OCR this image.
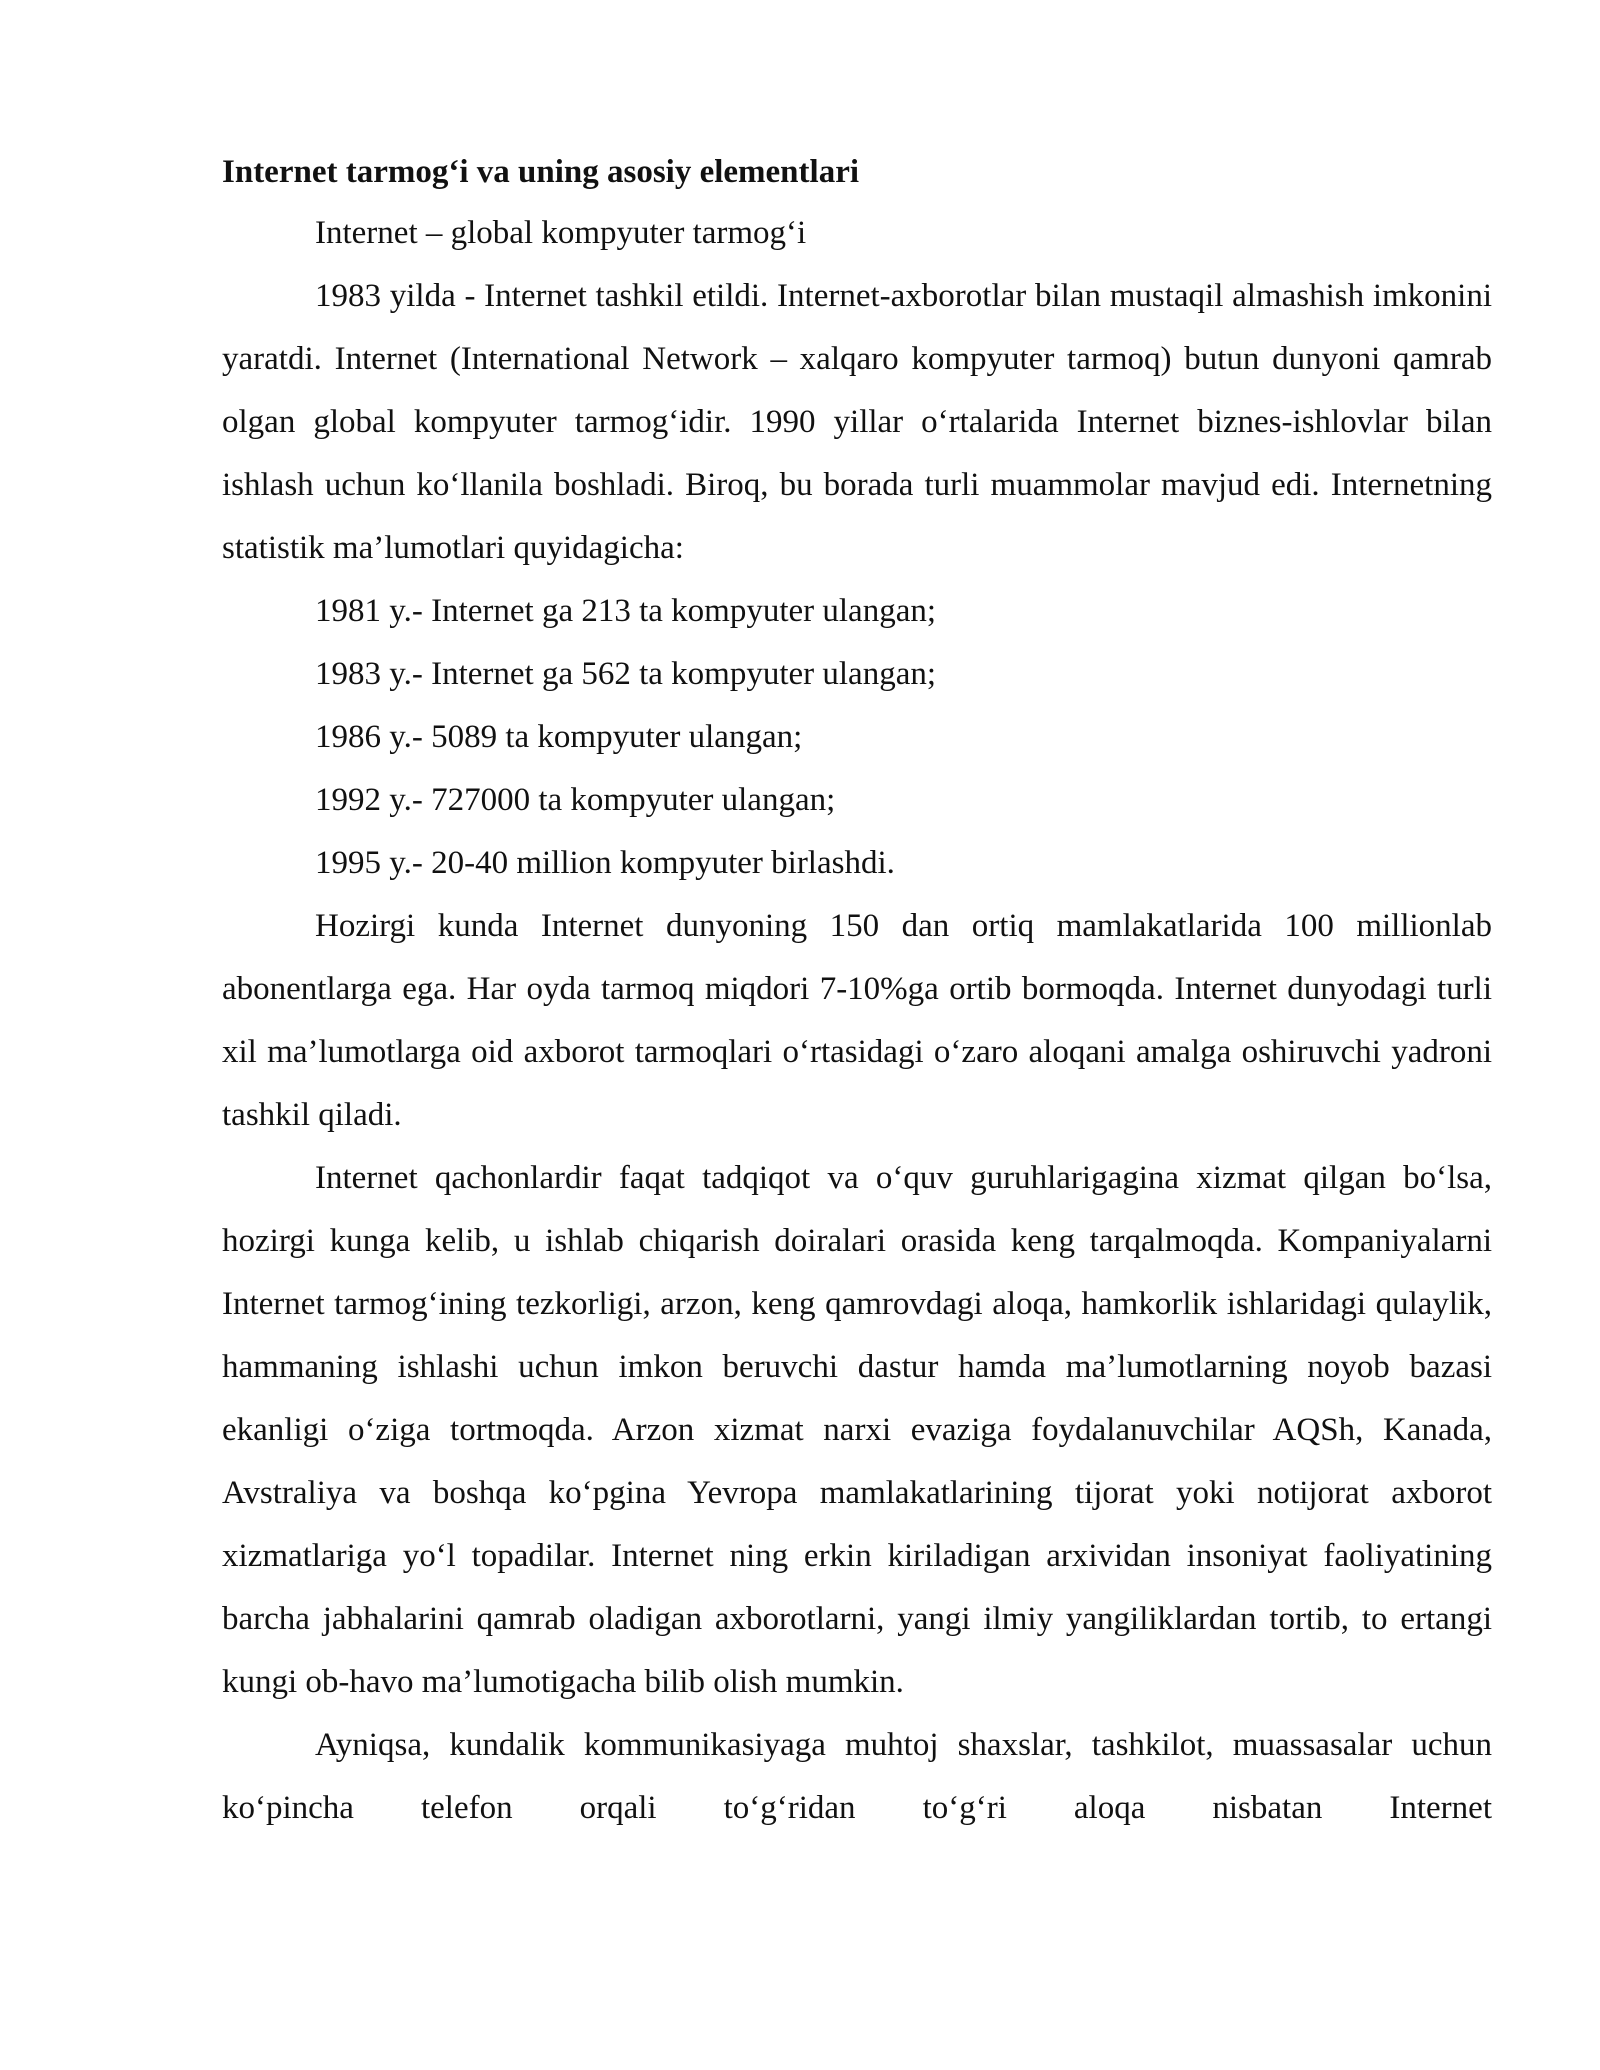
Internet tarmog‘i va uning asosiy elementlari

Internet – global kompyuter tarmog‘i

1983 yilda - Internet tashkil etildi. Internet-axborotlar bilan mustaqil almashish imkonini yaratdi. Internet (International Network – xalqaro kompyuter tarmoq) butun dunyoni qamrab olgan global kompyuter tarmog‘idir. 1990 yillar o‘rtalarida Internet biznes-ishlovlar bilan ishlash uchun ko‘llanila boshladi. Biroq, bu borada turli muammolar mavjud edi. Internetning statistik ma’lumotlari quyidagicha:

1981 y.- Internet ga 213 ta kompyuter ulangan;
1983 y.- Internet ga 562 ta kompyuter ulangan;
1986 y.- 5089 ta kompyuter ulangan;
1992 y.- 727000 ta kompyuter ulangan;
1995 y.- 20-40 million kompyuter birlashdi.

Hozirgi kunda Internet dunyoning 150 dan ortiq mamlakatlarida 100 millionlab abonentlarga ega. Har oyda tarmoq miqdori 7-10%ga ortib bormoqda. Internet dunyodagi turli xil ma’lumotlarga oid axborot tarmoqlari o‘rtasidagi o‘zaro aloqani amalga oshiruvchi yadroni tashkil qiladi.

Internet qachonlardir faqat tadqiqot va o‘quv guruhlarigagina xizmat qilgan bo‘lsa, hozirgi kunga kelib, u ishlab chiqarish doiralari orasida keng tarqalmoqda. Kompaniyalarni Internet tarmog‘ining tezkorligi, arzon, keng qamrovdagi aloqa, hamkorlik ishlaridagi qulaylik, hammaning ishlashi uchun imkon beruvchi dastur hamda ma’lumotlarning noyob bazasi ekanligi o‘ziga tortmoqda. Arzon xizmat narxi evaziga foydalanuvchilar AQSh, Kanada, Avstraliya va boshqa ko‘pgina Yevropa mamlakatlarining tijorat yoki notijorat axborot xizmatlariga yo‘l topadilar. Internet ning erkin kiriladigan arxividan insoniyat faoliyatining barcha jabhalarini qamrab oladigan axborotlarni, yangi ilmiy yangiliklardan tortib, to ertangi kungi ob-havo ma’lumotigacha bilib olish mumkin.

Ayniqsa, kundalik kommunikasiyaga muhtoj shaxslar, tashkilot, muassasalar uchun ko‘pincha telefon orqali to‘g‘ridan to‘g‘ri aloqa nisbatan Internet
